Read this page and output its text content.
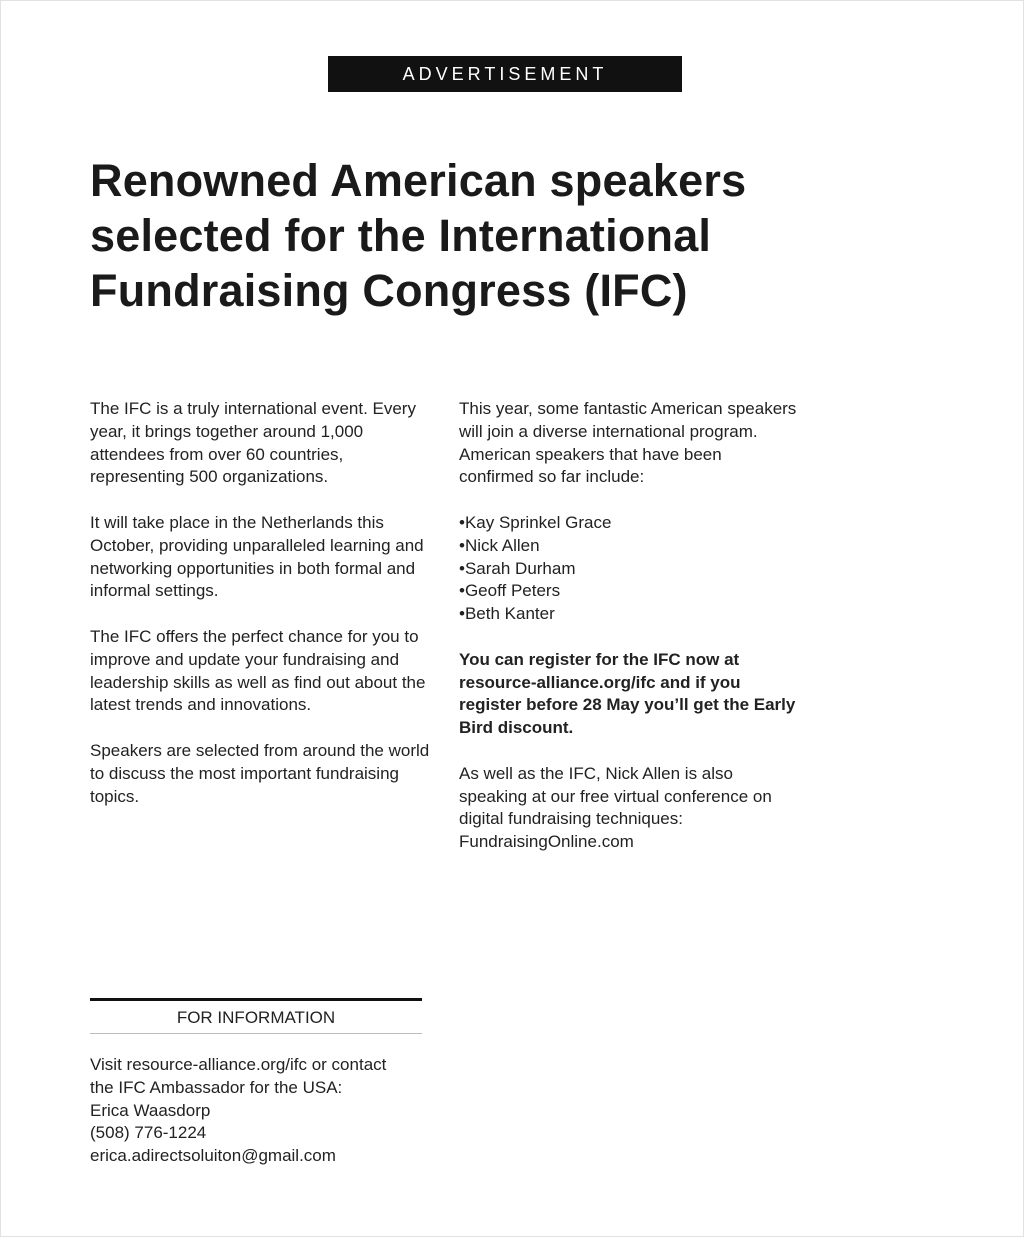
ADVERTISEMENT
Renowned American speakers
selected for the International
Fundraising Congress (IFC)

The IFC is a truly international event. Every year, it brings together around 1,000 attendees from over 60 countries, representing 500 organizations.

It will take place in the Netherlands this October, providing unparalleled learning and networking opportunities in both formal and informal settings.

The IFC offers the perfect chance for you to improve and update your fundraising and leadership skills as well as find out about the latest trends and innovations.

Speakers are selected from around the world to discuss the most important fundraising topics.

This year, some fantastic American speakers will join a diverse international program. American speakers that have been confirmed so far include:

• Kay Sprinkel Grace
• Nick Allen
• Sarah Durham
• Geoff Peters
• Beth Kanter

You can register for the IFC now at resource-alliance.org/ifc and if you register before 28 May you’ll get the Early Bird discount.

As well as the IFC, Nick Allen is also speaking at our free virtual conference on digital fundraising techniques: FundraisingOnline.com

FOR INFORMATION
Visit resource-alliance.org/ifc or contact
the IFC Ambassador for the USA:
Erica Waasdorp
(508) 776-1224
erica.adirectsoluiton@gmail.com
